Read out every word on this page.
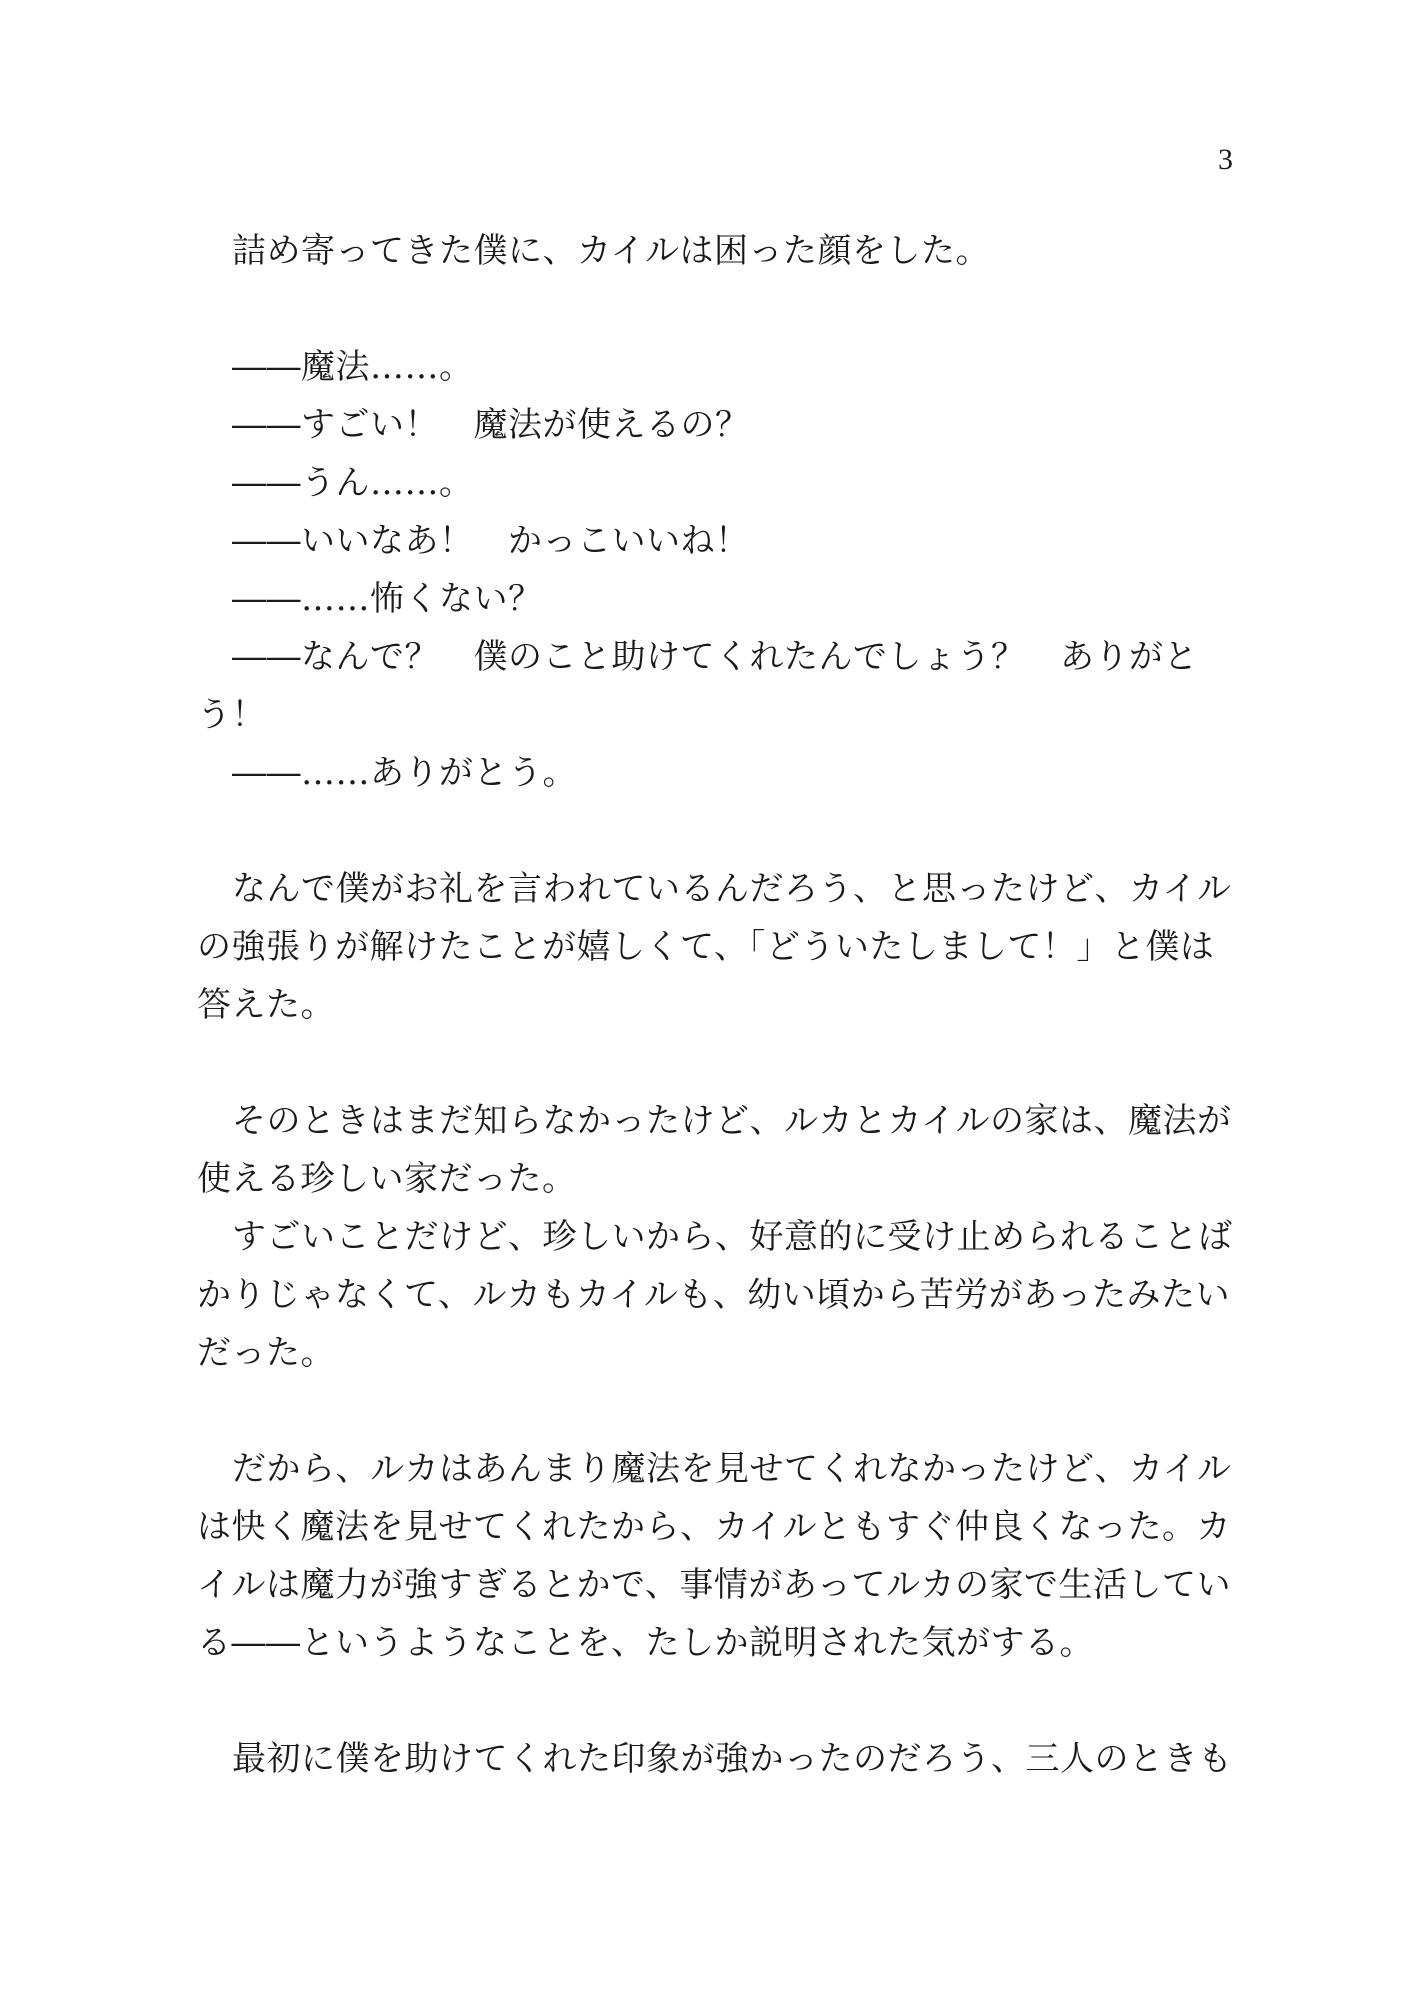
3
詰め寄ってきた僕に、カイルは困った顔をした。
――魔法……。
――すごい！　魔法が使えるの？
――うん……。
――いいなあ！　かっこいいね！
――……怖くない？
――なんで？　僕のこと助けてくれたんでしょう？　ありがと
う！
――……ありがとう。
なんで僕がお礼を言われているんだろう、と思ったけど、カイル
の強張りが解けたことが嬉しくて、「どういたしまして！」と僕は
答えた。
そのときはまだ知らなかったけど、ルカとカイルの家は、魔法が
使える珍しい家だった。
すごいことだけど、珍しいから、好意的に受け止められることば
かりじゃなくて、ルカもカイルも、幼い頃から苦労があったみたい
だった。
だから、ルカはあんまり魔法を見せてくれなかったけど、カイル
は快く魔法を見せてくれたから、カイルともすぐ仲良くなった。カ
イルは魔力が強すぎるとかで、事情があってルカの家で生活してい
る――というようなことを、たしか説明された気がする。
最初に僕を助けてくれた印象が強かったのだろう、三人のときも
